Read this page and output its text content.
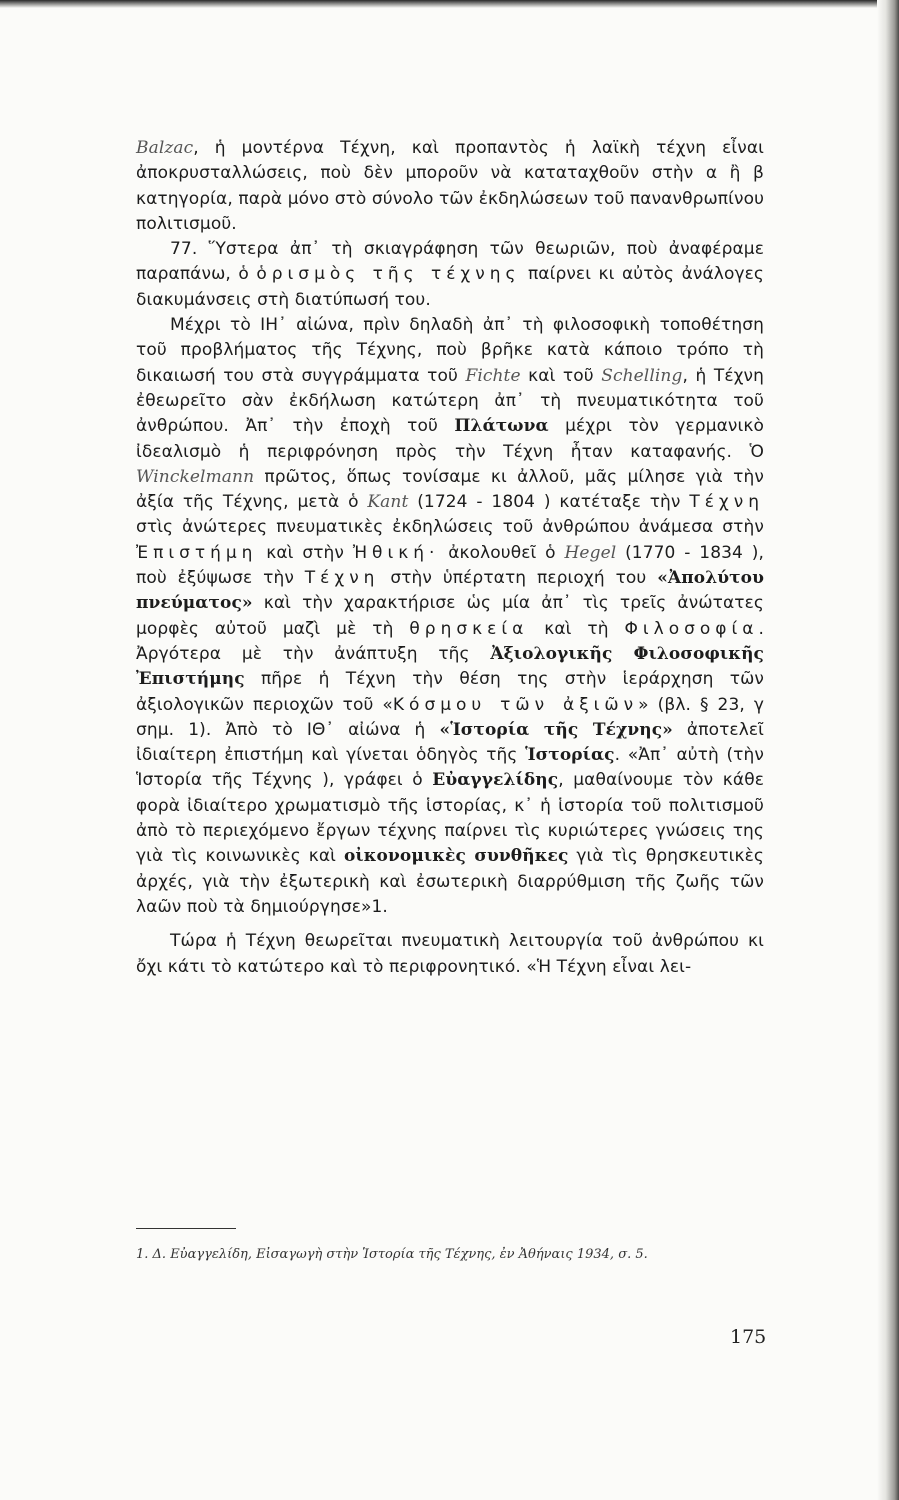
Balzac, ἡ μοντέρνα Τέχνη, καὶ προπαντὸς ἡ λαϊκὴ τέχνη εἶναι ἀποκρυσταλλώσεις, ποὺ δὲν μποροῦν νὰ καταταχθοῦν στὴν α ἢ β κατηγορία, παρὰ μόνο στὸ σύνολο τῶν ἐκδηλώσεων τοῦ πανανθρωπίνου πολιτισμοῦ.

77. Ὕστερα ἀπ᾽ τὴ σκιαγράφηση τῶν θεωριῶν, ποὺ ἀναφέραμε παραπάνω, ὁ ὁρισμὸς τῆς τέχνης παίρνει κι αὐτὸς ἀνάλογες διακυμάνσεις στὴ διατύπωσή του.

Μέχρι τὸ ΙΗ᾽ αἰώνα, πρὶν δηλαδὴ ἀπ᾽ τὴ φιλοσοφικὴ τοποθέτηση τοῦ προβλήματος τῆς Τέχνης, ποὺ βρῆκε κατὰ κάποιο τρόπο τὴ δικαιωσή του στὰ συγγράμματα τοῦ Fichte καὶ τοῦ Schelling, ἡ Τέχνη ἐθεωρεῖτο σὰν ἐκδήλωση κατώτερη ἀπ᾽ τὴ πνευματικότητα τοῦ ἀνθρώπου. Ἀπ᾽ τὴν ἐποχὴ τοῦ Πλάτωνα μέχρι τὸν γερμανικὸ ἰδεαλισμὸ ἡ περιφρόνηση πρὸς τὴν Τέχνη ἦταν καταφανής. Ὁ Winckelmann πρῶτος, ὅπως τονίσαμε κι ἀλλοῦ, μᾶς μίλησε γιὰ τὴν ἀξία τῆς Τέχνης, μετὰ ὁ Kant (1724 - 1804 ) κατέταξε τὴν Τέχνη στὶς ἀνώτερες πνευματικὲς ἐκδηλώσεις τοῦ ἀνθρώπου ἀνάμεσα στὴν Ἐπιστήμη καὶ στὴν Ἠθική· ἀκολουθεῖ ὁ Hegel (1770 - 1834 ), ποὺ ἐξύψωσε τὴν Τέχνη στὴν ὑπέρτατη περιοχή του «Ἀπολύτου πνεύματος» καὶ τὴν χαρακτήρισε ὡς μία ἀπ᾽ τὶς τρεῖς ἀνώτατες μορφὲς αὐτοῦ μαζὶ μὲ τὴ θρησκεία καὶ τὴ Φιλοσοφία. Ἀργότερα μὲ τὴν ἀνάπτυξη τῆς Ἀξιολογικῆς Φιλοσοφικῆς Ἐπιστήμης πῆρε ἡ Τέχνη τὴν θέση της στὴν ἱεράρχηση τῶν ἀξιολογικῶν περιοχῶν τοῦ «Κόσμου τῶν ἀξιῶν» (βλ. § 23, γ σημ. 1). Ἀπὸ τὸ ΙΘ᾽ αἰώνα ἡ «Ἱστορία τῆς Τέχνης» ἀποτελεῖ ἰδιαίτερη ἐπιστήμη καὶ γίνεται ὁδηγὸς τῆς Ἱστορίας. «Ἀπ᾽ αὐτὴ (τὴν Ἱστορία τῆς Τέχνης ), γράφει ὁ Εὐαγγελίδης, μαθαίνουμε τὸν κάθε φορὰ ἰδιαίτερο χρωματισμὸ τῆς ἱστορίας, κ᾽ ἡ ἱστορία τοῦ πολιτισμοῦ ἀπὸ τὸ περιεχόμενο ἔργων τέχνης παίρνει τὶς κυριώτερες γνώσεις της γιὰ τὶς κοινωνικὲς καὶ οἰκονομικὲς συνθῆκες γιὰ τὶς θρησκευτικὲς ἀρχές, γιὰ τὴν ἐξωτερικὴ καὶ ἐσωτερικὴ διαρρύθμιση τῆς ζωῆς τῶν λαῶν ποὺ τὰ δημιούργησε»1.

Τώρα ἡ Τέχνη θεωρεῖται πνευματικὴ λειτουργία τοῦ ἀνθρώπου κι ὄχι κάτι τὸ κατώτερο καὶ τὸ περιφρονητικό. «Ἡ Τέχνη εἶναι λει-

1. Δ. Εὐαγγελίδη, Εἰσαγωγὴ στὴν Ἱστορία τῆς Τέχνης, ἐν Ἀθήναις 1934, σ. 5.
175
